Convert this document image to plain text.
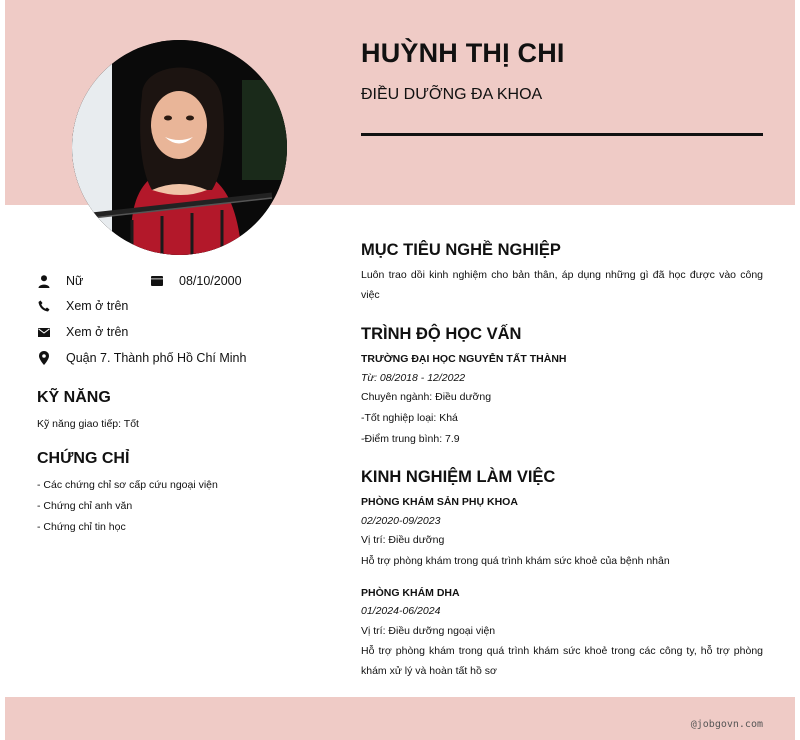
HUỲNH THỊ CHI
ĐIỀU DƯỠNG ĐA KHOA
Nữ	08/10/2000
Xem ở trên
Xem ở trên
Quận 7. Thành phố Hồ Chí Minh
KỸ NĂNG
Kỹ năng giao tiếp: Tốt
CHỨNG CHỈ
- Các chứng chỉ sơ cấp cứu ngoại viện
- Chứng chỉ anh văn
- Chứng chỉ tin học
MỤC TIÊU NGHỀ NGHIỆP
Luôn trao dồi kinh nghiệm cho bản thân, áp dụng những gì đã học được vào công việc
TRÌNH ĐỘ HỌC VẤN
TRƯỜNG ĐẠI HỌC NGUYỄN TẤT THÀNH
Từ: 08/2018 - 12/2022
Chuyên ngành: Điều dưỡng
-Tốt nghiệp loại: Khá
-Điểm trung bình: 7.9
KINH NGHIỆM LÀM VIỆC
PHÒNG KHÁM SẢN PHỤ KHOA
02/2020-09/2023
Vị trí: Điều dưỡng
Hỗ trợ phòng khám trong quá trình khám sức khoẻ của bệnh nhân
PHÒNG KHÁM DHA
01/2024-06/2024
Vị trí: Điều dưỡng ngoại viện
Hỗ trợ phòng khám trong quá trình khám sức khoẻ trong các công ty, hỗ trợ phòng khám xử lý và hoàn tất hồ sơ
@jobgovn.com
